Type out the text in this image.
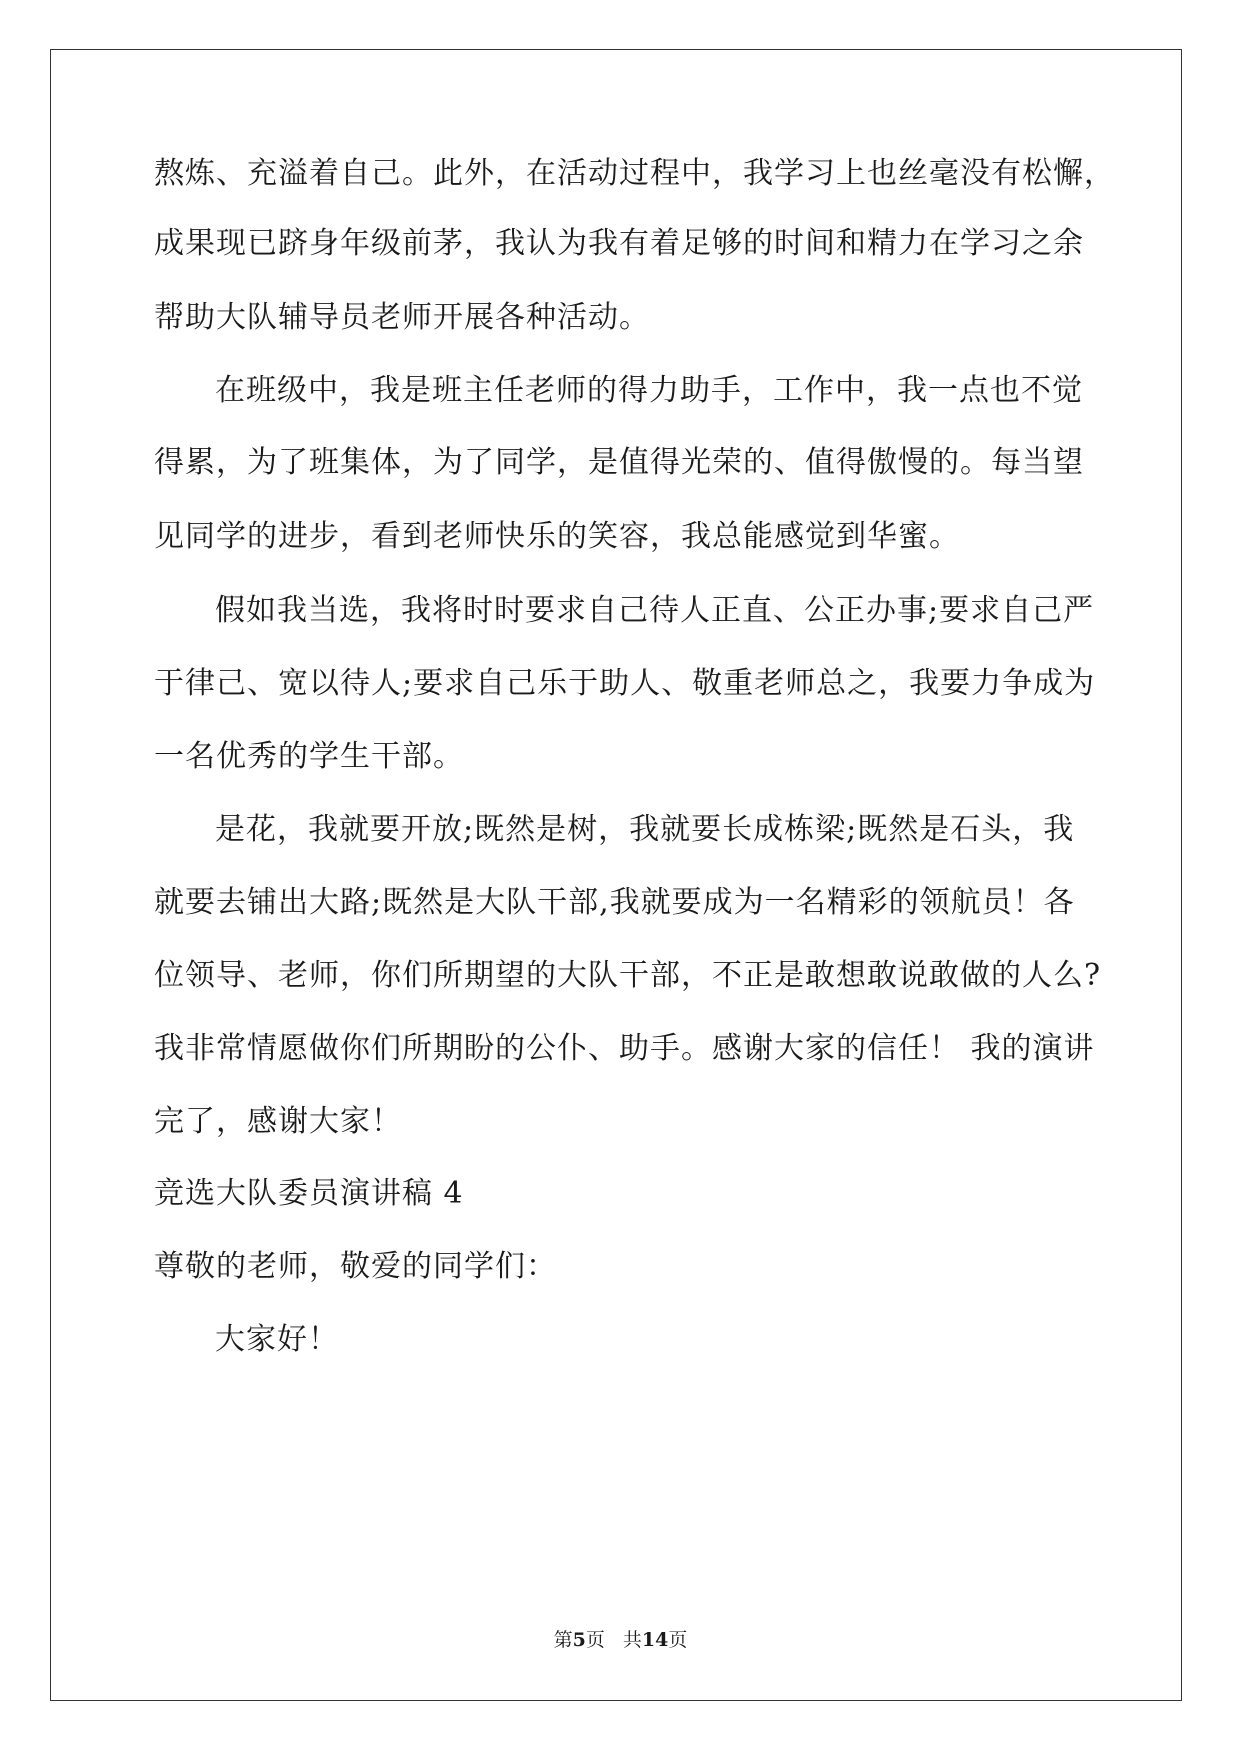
熬炼、充溢着自己。此外，在活动过程中，我学习上也丝毫没有松懈，
成果现已跻身年级前茅，我认为我有着足够的时间和精力在学习之余
帮助大队辅导员老师开展各种活动。
在班级中，我是班主任老师的得力助手，工作中，我一点也不觉
得累，为了班集体，为了同学，是值得光荣的、值得傲慢的。每当望
见同学的进步，看到老师快乐的笑容，我总能感觉到华蜜。
假如我当选，我将时时要求自己待人正直、公正办事;要求自己严
于律己、宽以待人;要求自己乐于助人、敬重老师总之，我要力争成为
一名优秀的学生干部。
是花，我就要开放;既然是树，我就要长成栋梁;既然是石头，我
就要去铺出大路;既然是大队干部,我就要成为一名精彩的领航员！各
位领导、老师，你们所期望的大队干部，不正是敢想敢说敢做的人么?
我非常情愿做你们所期盼的公仆、助手。感谢大家的信任！ 我的演讲
完了，感谢大家！
竞选大队委员演讲稿 4
尊敬的老师，敬爱的同学们：
大家好！
第5页 共14页
